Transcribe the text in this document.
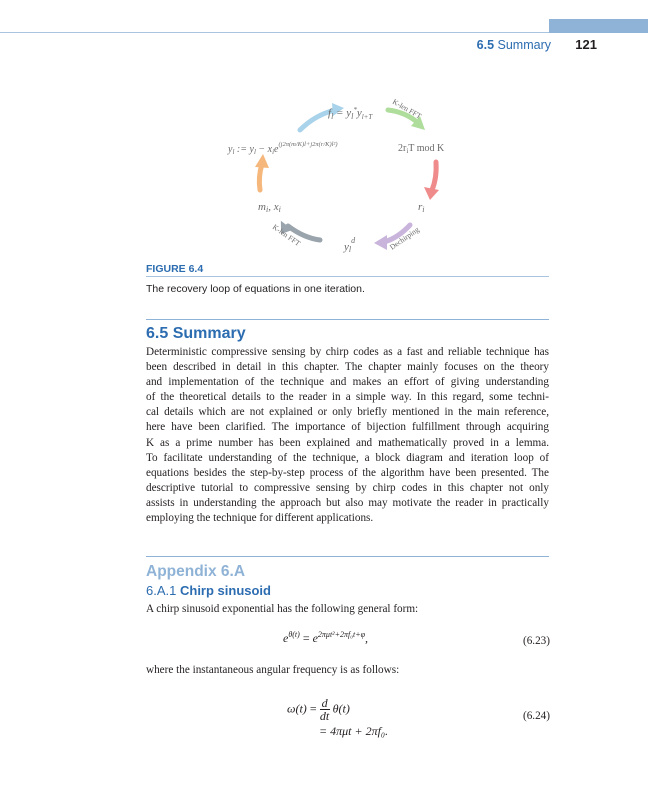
6.5 Summary 121
$f_l = y_l^*y_{l+T}$
$y_l$ := $y_l - x_ie^{(j2\pi(m/K)l+j2\pi(r/K)l^2)}$	$2r_iT$ mod K
mi, xi	ri
$yl^d$
K-len FFT
K-len FFT	Dechirping
FIGURE 6.4
The recovery loop of equations in one iteration.
6.5 Summary
Deterministic compressive sensing by chirp codes as a fast and reliable technique has
been described in detail in this chapter. The chapter mainly focuses on the theory
and implementation of the technique and makes an effort of giving understanding
of the theoretical details to the reader in a simple way. In this regard, some techni-
cal details which are not explained or only briefly mentioned in the main reference,
here have been clarified. The importance of bijection fulfillment through acquiring
K as a prime number has been explained and mathematically proved in a lemma.
To facilitate understanding of the technique, a block diagram and iteration loop of
equations besides the step-by-step process of the algorithm have been presented. The
descriptive tutorial to compressive sensing by chirp codes in this chapter not only
assists in understanding the approach but also may motivate the reader in practically
employing the technique for different applications.
Appendix 6.A
6.A.1 Chirp sinusoid
A chirp sinusoid exponential has the following general form:
$e^{\theta(t)} = e^{2\pi\mu t^2+2\pi f_0t+\varphi}$,	(6.23)
where the instantaneous angular frequency is as follows:
$\omega(t) = \frac{d}{dt} \theta(t)$
= 4πμt + 2πf₀.
(6.24)
